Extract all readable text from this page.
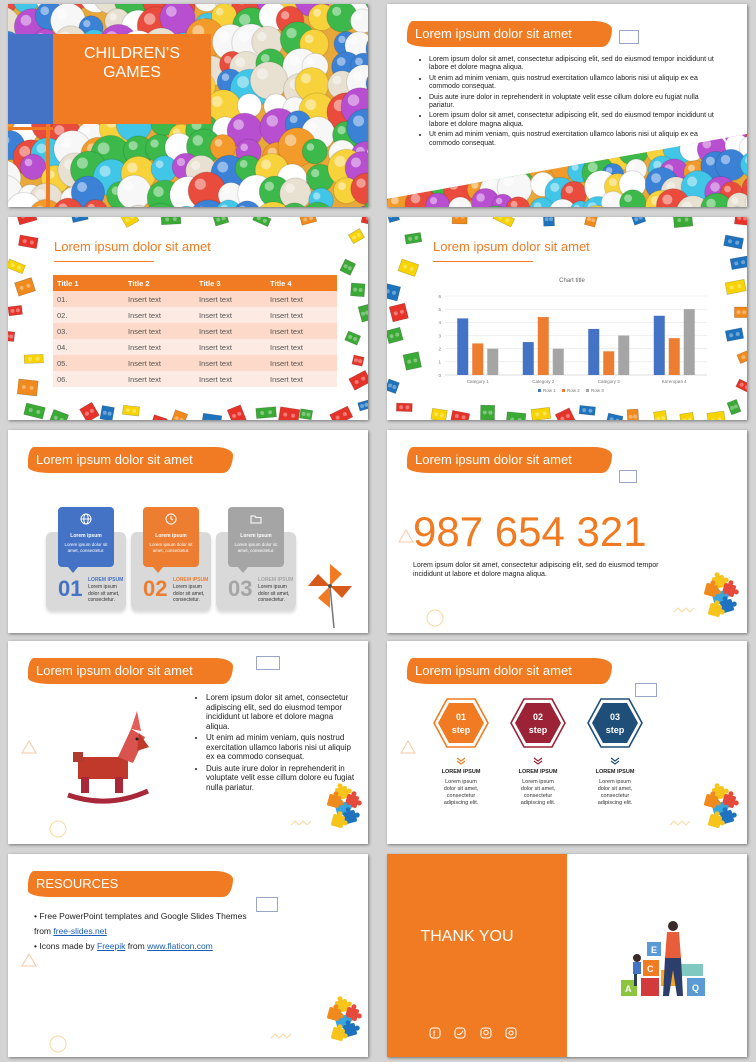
CHILDREN’S
GAMES
Lorem ipsum dolor sit amet
• Lorem ipsum dolor sit amet, consectetur adipiscing elit, sed do eiusmod tempor incididunt ut labore et dolore magna aliqua.
• Ut enim ad minim veniam, quis nostrud exercitation ullamco laboris nisi ut aliquip ex ea commodo consequat.
• Duis aute irure dolor in reprehenderit in voluptate velit esse cillum dolore eu fugiat nulla pariatur.
• Lorem ipsum dolor sit amet, consectetur adipiscing elit, sed do eiusmod tempor incididunt ut labore et dolore magna aliqua.
• Ut enim ad minim veniam, quis nostrud exercitation ullamco laboris nisi ut aliquip ex ea commodo consequat.
Lorem ipsum dolor sit amet
Title 1	Title 2	Title 3	Title 4
01.	Insert text	Insert text	Insert text
02.	Insert text	Insert text	Insert text
03.	Insert text	Insert text	Insert text
04.	Insert text	Insert text	Insert text
05.	Insert text	Insert text	Insert text
06.	Insert text	Insert text	Insert text
Lorem ipsum dolor sit amet
Chart title
0
1
2
3
4
5
6
Category 1	Category 2	Category 3	Категория 4
Row 1 Row 2 Row 3
Lorem ipsum dolor sit amet
Lorem ipsum
Lorem ipsum dolor sit amet, consectetur.
01 LOREM IPSUM
Lorem ipsum dolor sit amet, consectetur.
Lorem ipsum
Lorem ipsum dolor sit amet, consectetur.
02 LOREM IPSUM
Lorem ipsum dolor sit amet, consectetur.
Lorem ipsum
Lorem ipsum dolor sit amet, consectetur.
03 LOREM IPSUM
Lorem ipsum dolor sit amet, consectetur.
Lorem ipsum dolor sit amet
987 654 321
Lorem ipsum dolor sit amet, consectetur adipiscing elit, sed do eiusmod tempor incididunt ut labore et dolore magna aliqua.
Lorem ipsum dolor sit amet
• Lorem ipsum dolor sit amet, consectetur adipiscing elit, sed do eiusmod tempor incididunt ut labore et dolore magna aliqua.
• Ut enim ad minim veniam, quis nostrud exercitation ullamco laboris nisi ut aliquip ex ea commodo consequat.
• Duis aute irure dolor in reprehenderit in voluptate velit esse cillum dolore eu fugiat nulla pariatur.
Lorem ipsum dolor sit amet
01
step
LOREM IPSUM
Lorem ipsum dolor sit amet, consectetur adipiscing elit.
02
step
LOREM IPSUM
Lorem ipsum dolor sit amet, consectetur adipiscing elit.
03
step
LOREM IPSUM
Lorem ipsum dolor sit amet, consectetur adipiscing elit.
RESOURCES
• Free PowerPoint templates and Google Slides Themes
from free-slides.net
• Icons made by Freepik from www.flaticon.com
THANK YOU
f

E
C
A	Q
